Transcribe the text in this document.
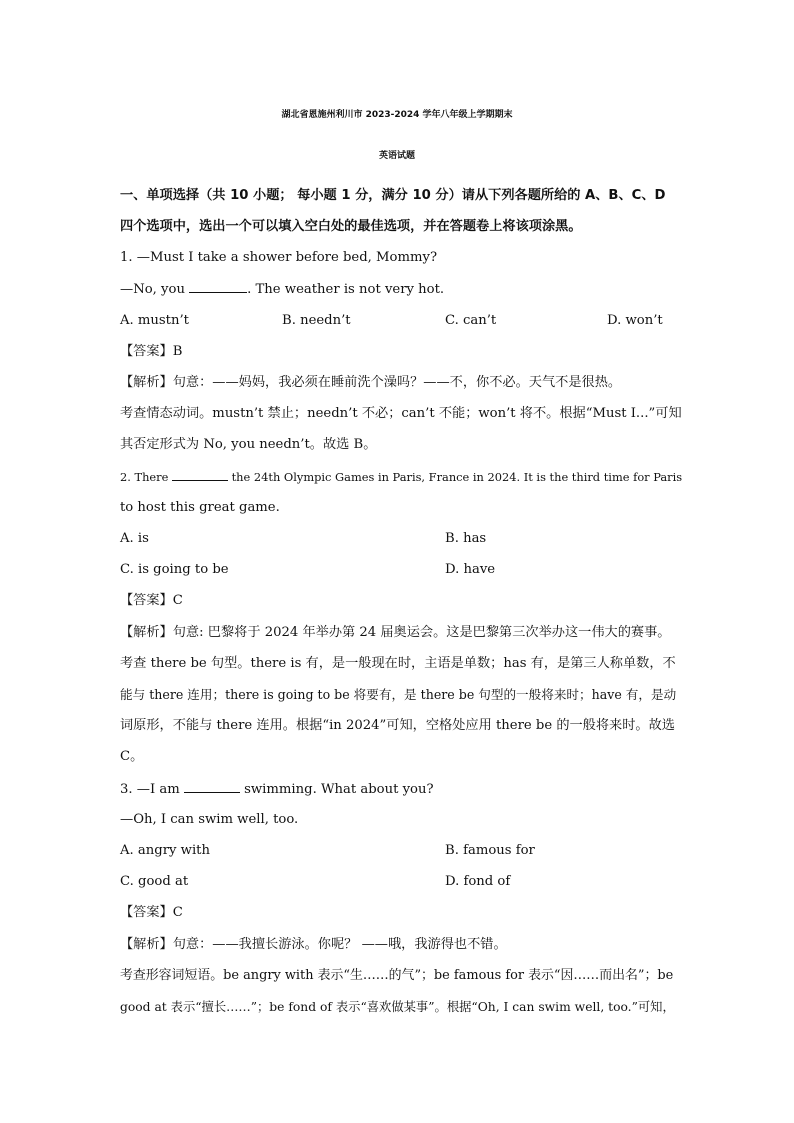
湖北省恩施州利川市 2023-2024 学年八年级上学期期末
英语试题
一、单项选择（共 10 小题； 每小题 1 分，满分 10 分）请从下列各题所给的 A、B、C、D
四个选项中，选出一个可以填入空白处的最佳选项，并在答题卷上将该项涂黑。
1. —Must I take a shower before bed, Mommy?
—No, you	. The weather is not very hot.
A. mustn’t	B. needn’t	C. can’t	D. won’t
【答案】B
【解析】句意：——妈妈，我必须在睡前洗个澡吗？——不，你不必。天气不是很热。
考查情态动词。mustn’t 禁止；needn’t 不必；can’t 不能；won’t 将不。根据“Must I...”可知
其否定形式为 No, you needn’t。故选 B。
2. There	the 24th Olympic Games in Paris, France in 2024. It is the third time for Paris
to host this great game.
A. is	B. has
C. is going to be	D. have
【答案】C
【解析】句意: 巴黎将于 2024 年举办第 24 届奥运会。这是巴黎第三次举办这一伟大的赛事。
考查 there be 句型。there is 有，是一般现在时，主语是单数；has 有，是第三人称单数，不
能与 there 连用；there is going to be 将要有，是 there be 句型的一般将来时；have 有，是动
词原形，不能与 there 连用。根据“in 2024”可知，空格处应用 there be 的一般将来时。故选
C。
3. —I am	swimming. What about you?
—Oh, I can swim well, too.
A. angry with	B. famous for
C. good at	D. fond of
【答案】C
【解析】句意：——我擅长游泳。你呢？ ——哦，我游得也不错。
考查形容词短语。be angry with 表示“生……的气”；be famous for 表示“因……而出名”；be
good at 表示“擅长……”；be fond of 表示“喜欢做某事”。根据“Oh, I can swim well, too.”可知，
